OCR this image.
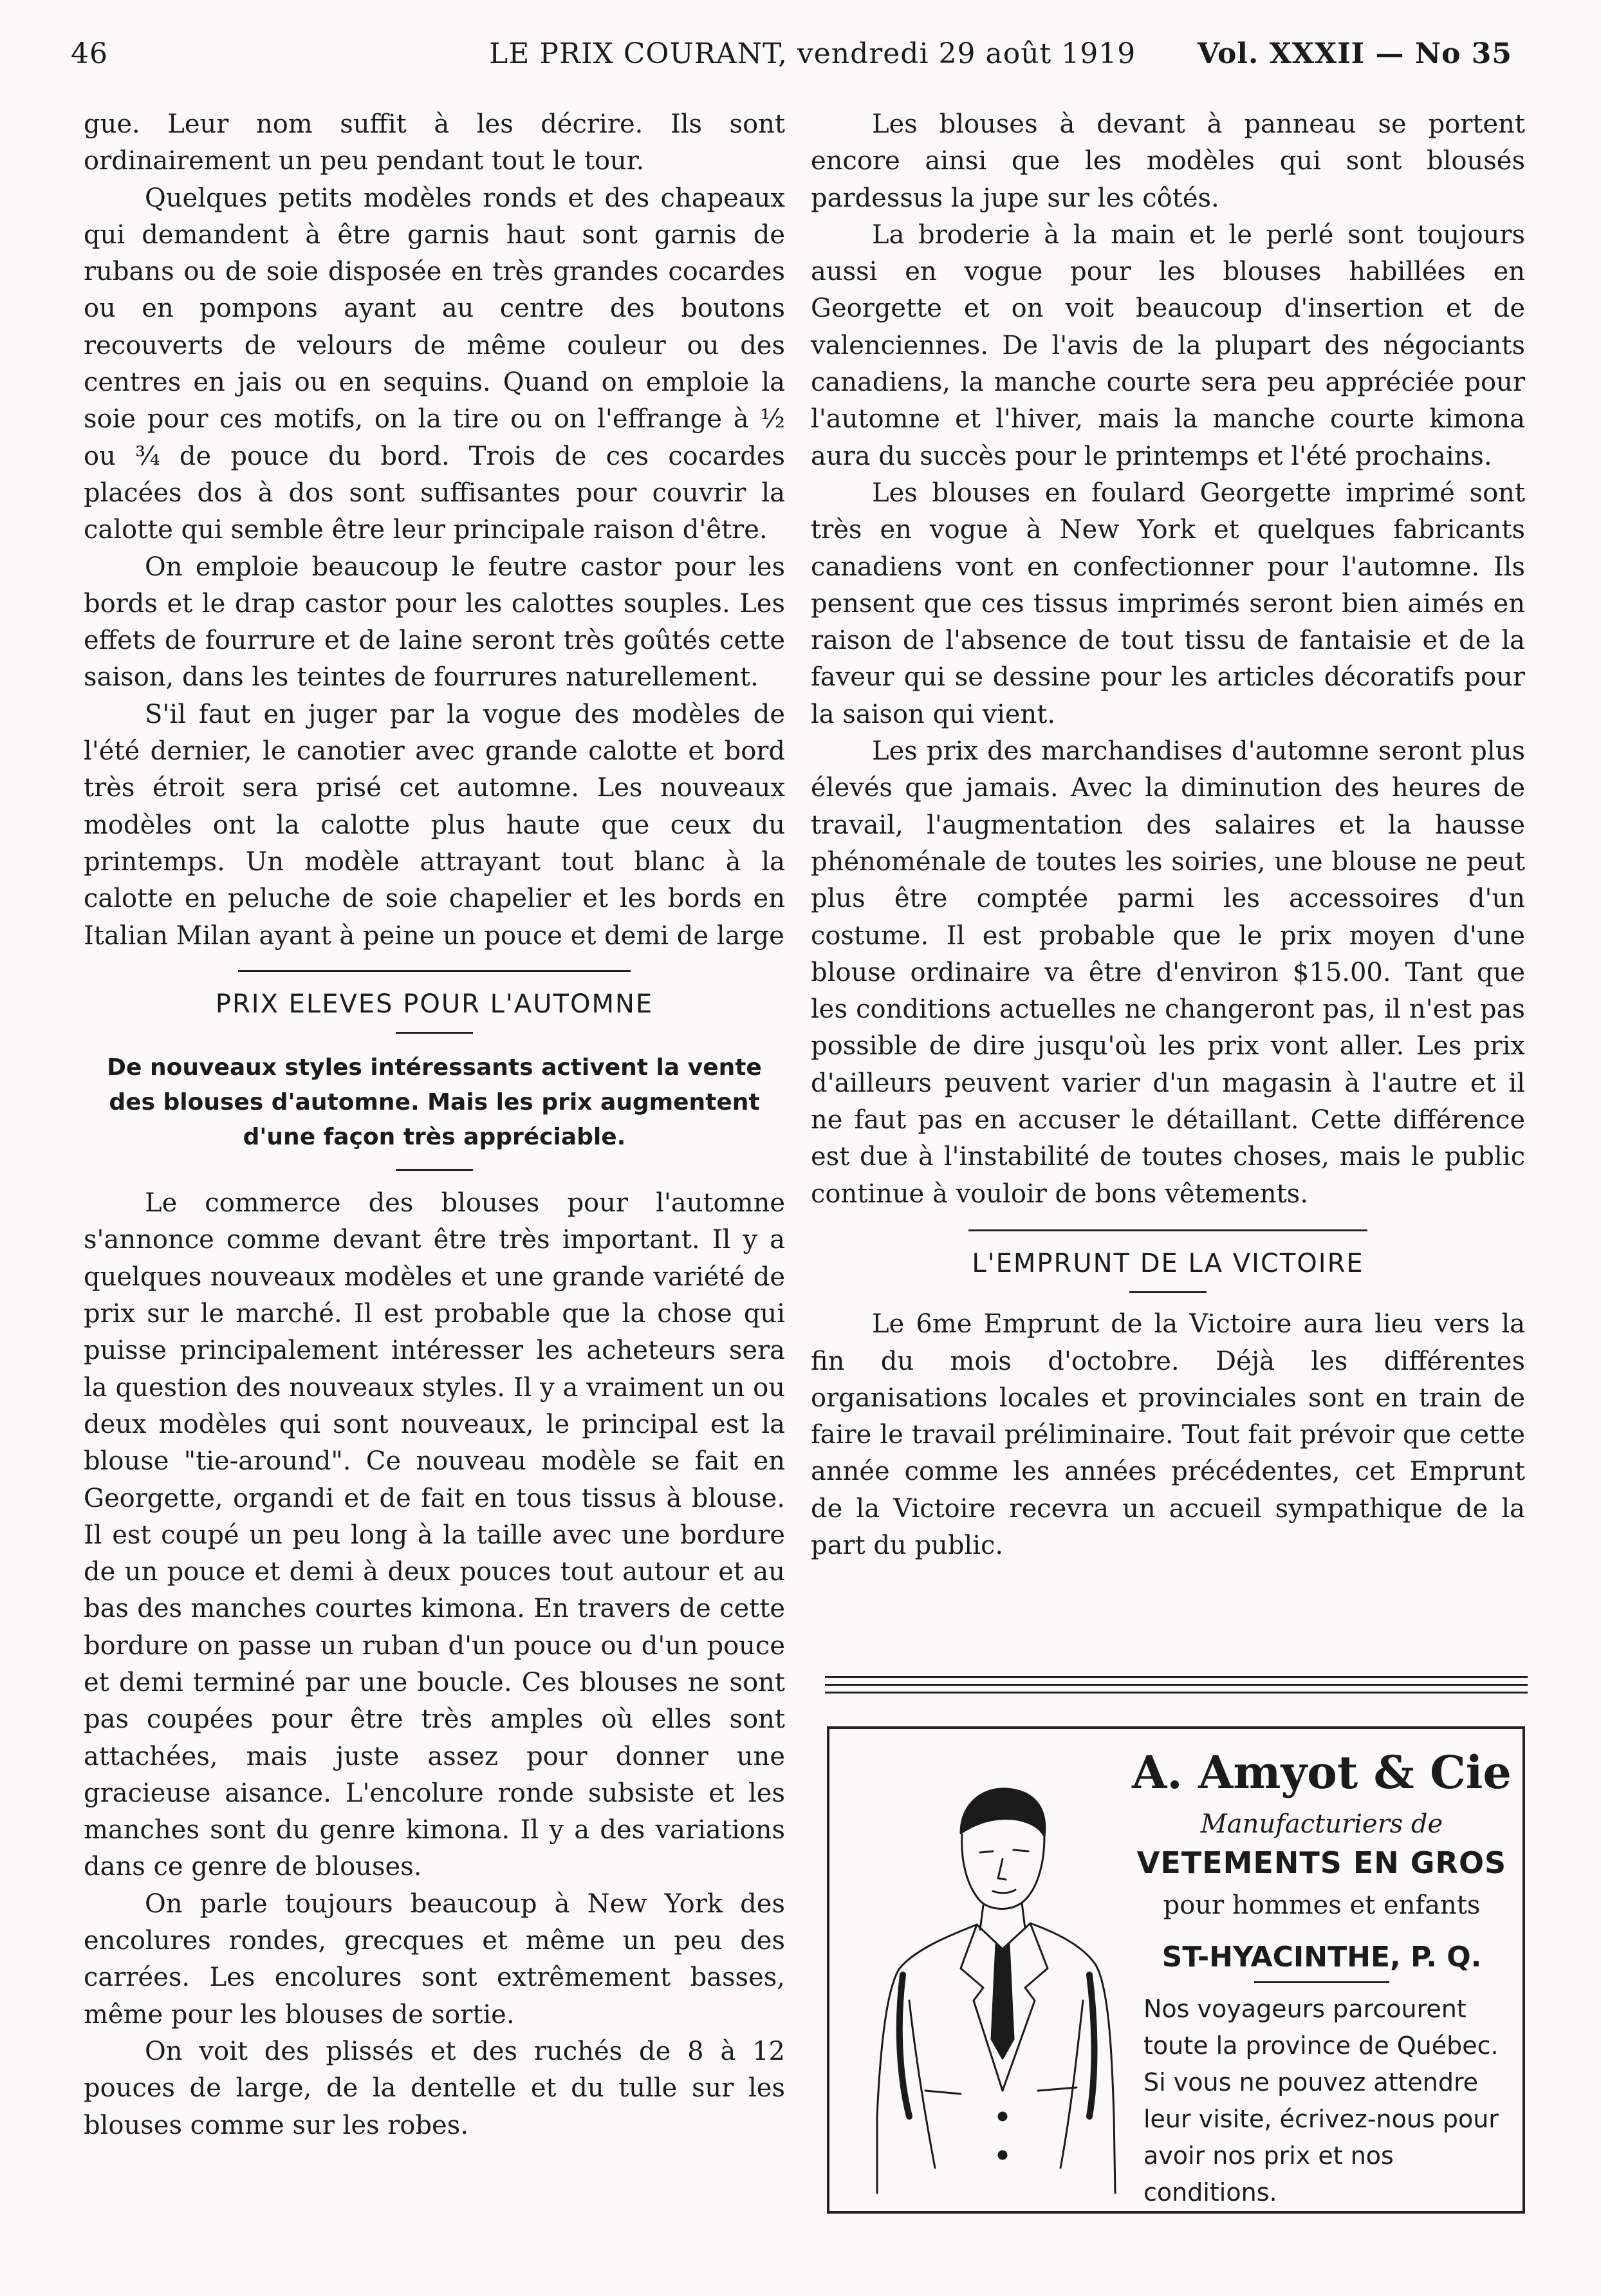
46	LE PRIX COURANT, vendredi 29 août 1919 Vol. XXXII — No 35

gue. Leur nom suffit à les décrire. Ils sont ordinairement un peu pendant tout le tour.

Quelques petits modèles ronds et des chapeaux qui demandent à être garnis haut sont garnis de rubans ou de soie disposée en très grandes cocardes ou en pompons ayant au centre des boutons recouverts de velours de même couleur ou des centres en jais ou en sequins. Quand on emploie la soie pour ces motifs, on la tire ou on l'effrange à ½ ou ¾ de pouce du bord. Trois de ces cocardes placées dos à dos sont suffisantes pour couvrir la calotte qui semble être leur principale raison d'être.

On emploie beaucoup le feutre castor pour les bords et le drap castor pour les calottes souples. Les effets de fourrure et de laine seront très goûtés cette saison, dans les teintes de fourrures naturellement.

S'il faut en juger par la vogue des modèles de l'été dernier, le canotier avec grande calotte et bord très étroit sera prisé cet automne. Les nouveaux modèles ont la calotte plus haute que ceux du printemps. Un modèle attrayant tout blanc à la calotte en peluche de soie chapelier et les bords en Italian Milan ayant à peine un pouce et demi de large

PRIX ELEVES POUR L'AUTOMNE
De nouveaux styles intéressants activent la vente des blouses d'automne. Mais les prix augmentent d'une façon très appréciable.

Le commerce des blouses pour l'automne s'annonce comme devant être très important. Il y a quelques nouveaux modèles et une grande variété de prix sur le marché. Il est probable que la chose qui puisse principalement intéresser les acheteurs sera la question des nouveaux styles. Il y a vraiment un ou deux modèles qui sont nouveaux, le principal est la blouse "tie-around". Ce nouveau modèle se fait en Georgette, organdi et de fait en tous tissus à blouse. Il est coupé un peu long à la taille avec une bordure de un pouce et demi à deux pouces tout autour et au bas des manches courtes kimona. En travers de cette bordure on passe un ruban d'un pouce ou d'un pouce et demi terminé par une boucle. Ces blouses ne sont pas coupées pour être très amples où elles sont attachées, mais juste assez pour donner une gracieuse aisance. L'encolure ronde subsiste et les manches sont du genre kimona. Il y a des variations dans ce genre de blouses.

On parle toujours beaucoup à New York des encolures rondes, grecques et même un peu des carrées. Les encolures sont extrêmement basses, même pour les blouses de sortie.

On voit des plissés et des ruchés de 8 à 12 pouces de large, de la dentelle et du tulle sur les blouses comme sur les robes.

Les blouses à devant à panneau se portent encore ainsi que les modèles qui sont blousés pardessus la jupe sur les côtés.

La broderie à la main et le perlé sont toujours aussi en vogue pour les blouses habillées en Georgette et on voit beaucoup d'insertion et de valenciennes. De l'avis de la plupart des négociants canadiens, la manche courte sera peu appréciée pour l'automne et l'hiver, mais la manche courte kimona aura du succès pour le printemps et l'été prochains.

Les blouses en foulard Georgette imprimé sont très en vogue à New York et quelques fabricants canadiens vont en confectionner pour l'automne. Ils pensent que ces tissus imprimés seront bien aimés en raison de l'absence de tout tissu de fantaisie et de la faveur qui se dessine pour les articles décoratifs pour la saison qui vient.

Les prix des marchandises d'automne seront plus élevés que jamais. Avec la diminution des heures de travail, l'augmentation des salaires et la hausse phénoménale de toutes les soiries, une blouse ne peut plus être comptée parmi les accessoires d'un costume. Il est probable que le prix moyen d'une blouse ordinaire va être d'environ $15.00. Tant que les conditions actuelles ne changeront pas, il n'est pas possible de dire jusqu'où les prix vont aller. Les prix d'ailleurs peuvent varier d'un magasin à l'autre et il ne faut pas en accuser le détaillant. Cette différence est due à l'instabilité de toutes choses, mais le public continue à vouloir de bons vêtements.

L'EMPRUNT DE LA VICTOIRE

Le 6me Emprunt de la Victoire aura lieu vers la fin du mois d'octobre. Déjà les différentes organisations locales et provinciales sont en train de faire le travail préliminaire. Tout fait prévoir que cette année comme les années précédentes, cet Emprunt de la Victoire recevra un accueil sympathique de la part du public.

A. Amyot & Cie
Manufacturiers de
VETEMENTS EN GROS
pour hommes et enfants
ST-HYACINTHE, P. Q.
Nos voyageurs parcourent toute la province de Québec. Si vous ne pouvez attendre leur visite, écrivez-nous pour avoir nos prix et nos conditions.
